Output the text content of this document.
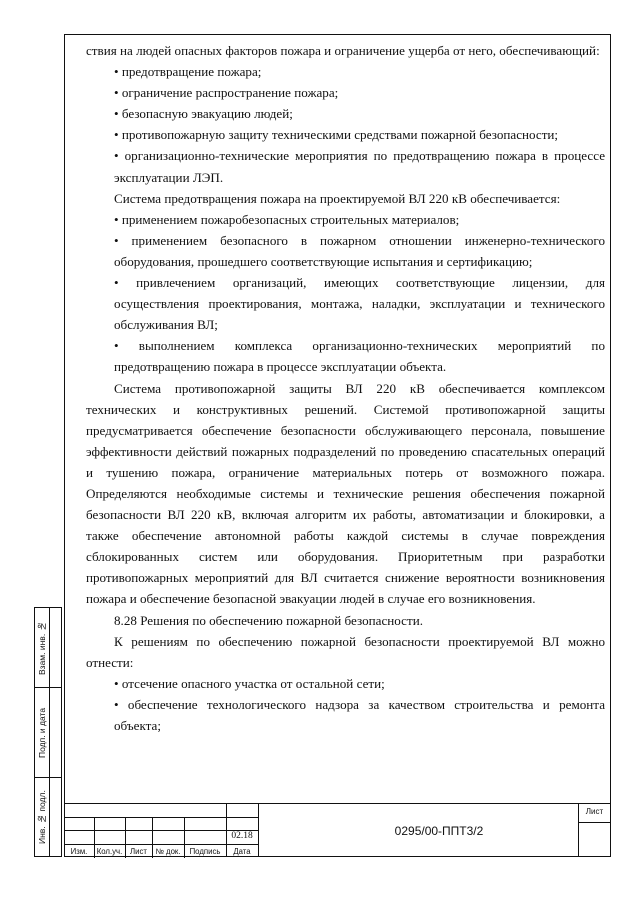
ствия на людей опасных факторов пожара и ограничение ущерба от него, обеспечивающий:

• предотвращение пожара;

• ограничение распространение пожара;

• безопасную эвакуацию людей;

• противопожарную защиту техническими средствами пожарной безопасности;

• организационно-технические мероприятия по предотвращению пожара в процессе эксплуатации ЛЭП.

Система предотвращения пожара на проектируемой ВЛ 220 кВ обеспечивается:

• применением пожаробезопасных строительных материалов;

• применением безопасного в пожарном отношении инженерно-технического оборудования, прошедшего соответствующие испытания и сертификацию;

• привлечением организаций, имеющих соответствующие лицензии, для осуществления проектирования, монтажа, наладки, эксплуатации и технического обслуживания ВЛ;

• выполнением комплекса организационно-технических мероприятий по предотвращению пожара в процессе эксплуатации объекта.

Система противопожарной защиты ВЛ 220 кВ обеспечивается комплексом технических и конструктивных решений. Системой противопожарной защиты предусматривается обеспечение безопасности обслуживающего персонала, повышение эффективности действий пожарных подразделений по проведению спасательных операций и тушению пожара, ограничение материальных потерь от возможного пожара. Определяются необходимые системы и технические решения обеспечения пожарной безопасности ВЛ 220 кВ, включая алгоритм их работы, автоматизации и блокировки, а также обеспечение автономной работы каждой системы в случае повреждения сблокированных систем или оборудования. Приоритетным при разработки противопожарных мероприятий для ВЛ считается снижение вероятности возникновения пожара и обеспечение безопасной эвакуации людей в случае его возникновения.

8.28 Решения по обеспечению пожарной безопасности.

К решениям по обеспечению пожарной безопасности проектируемой ВЛ можно отнести:

• отсечение опасного участка от остальной сети;

• обеспечение технологического надзора за качеством строительства и ремонта объекта;

Взам. инв. №
Подп. и дата
Инв. № подл.	02.18
Изм.	Кол.уч. Лист	№ док.	Подпись	Дата
0295/00-ППТ3/2
Лист
